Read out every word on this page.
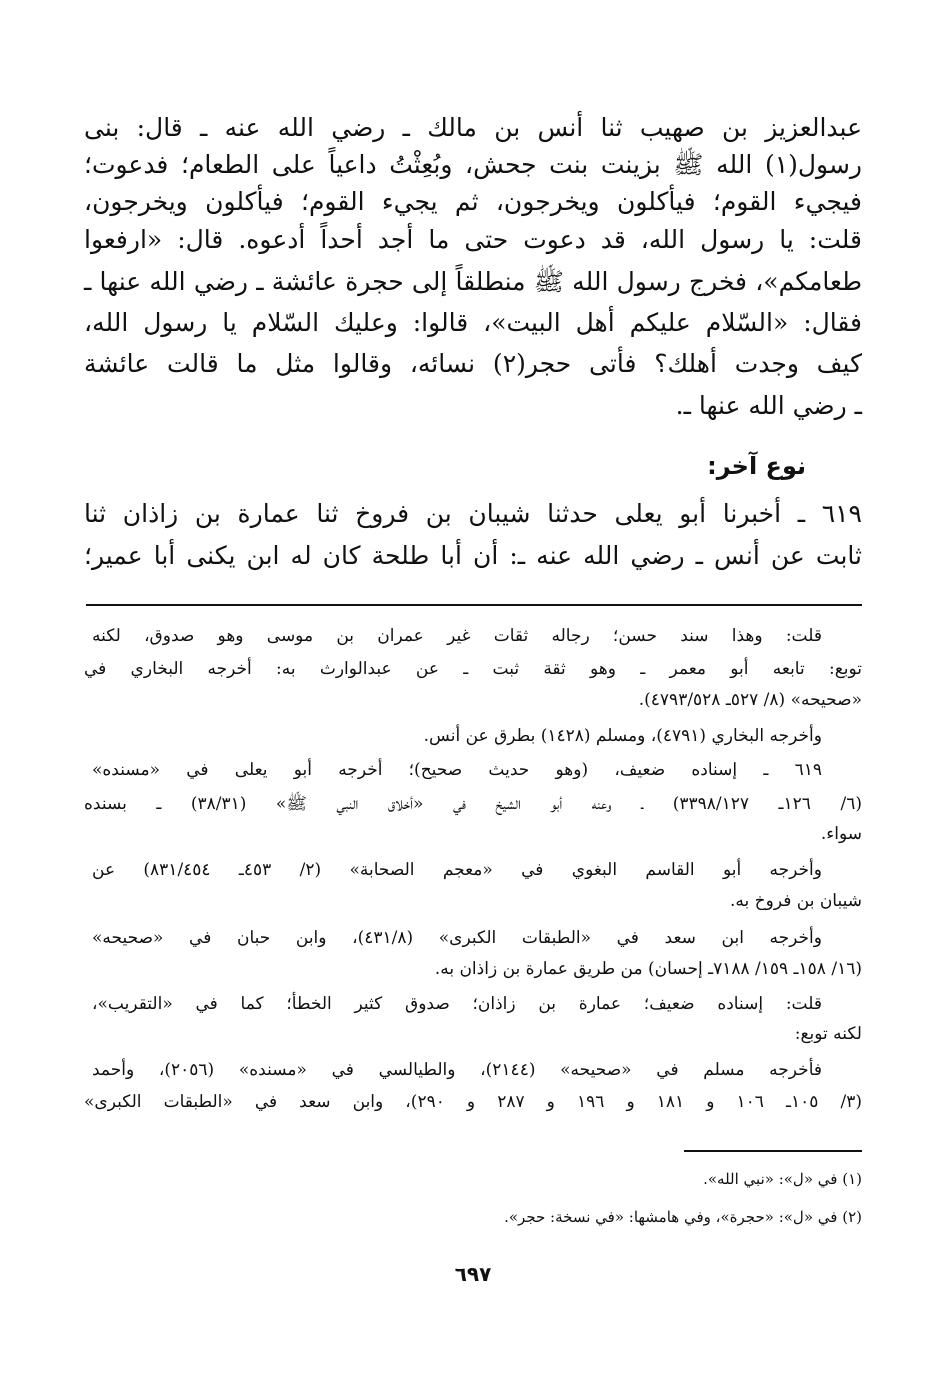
عبدالعزيز بن صهيب ثنا أنس بن مالك ـ رضي الله عنه ـ قال: بنى
رسول(١) الله ﷺ بزينت بنت جحش، وبُعِثْتُ داعياً على الطعام؛ فدعوت؛
فيجيء القوم؛ فيأكلون ويخرجون، ثم يجيء القوم؛ فيأكلون ويخرجون،
قلت: يا رسول الله، قد دعوت حتى ما أجد أحداً أدعوه. قال: «ارفعوا
طعامكم»، فخرج رسول الله ﷺ منطلقاً إلى حجرة عائشة ـ رضي الله عنها ـ
فقال: «السّلام عليكم أهل البيت»، قالوا: وعليك السّلام يا رسول الله،
كيف وجدت أهلك؟ فأتى حجر(٢) نسائه، وقالوا مثل ما قالت عائشة
ـ رضي الله عنها ـ.
نوع آخر:
٦١٩ ـ أخبرنا أبو يعلى حدثنا شيبان بن فروخ ثنا عمارة بن زاذان ثنا
ثابت عن أنس ـ رضي الله عنه ـ: أن أبا طلحة كان له ابن يكنى أبا عمير؛
قلت: وهذا سند حسن؛ رجاله ثقات غير عمران بن موسى وهو صدوق، لكنه
توبع: تابعه أبو معمر ـ وهو ثقة ثبت ـ عن عبدالوارث به: أخرجه البخاري في
«صحيحه» (٨/ ٥٢٧ـ ٤٧٩٣/٥٢٨).
وأخرجه البخاري (٤٧٩١)، ومسلم (١٤٢٨) بطرق عن أنس.
٦١٩ ـ إسناده ضعيف، (وهو حديث صحيح)؛ أخرجه أبو يعلى في «مسنده»
(٦/ ١٢٦ـ ٣٣٩٨/١٢٧) ـ وعنه أبو الشيخ في «أخلاق النبي ﷺ» (٣٨/٣١) ـ بسنده
سواء.
وأخرجه أبو القاسم البغوي في «معجم الصحابة» (٢/ ٤٥٣ـ ٨٣١/٤٥٤) عن
شيبان بن فروخ به.
وأخرجه ابن سعد في «الطبقات الكبرى» (٤٣١/٨)، وابن حبان في «صحيحه»
(١٦/ ١٥٨ـ ١٥٩/ ٧١٨٨ـ إحسان) من طريق عمارة بن زاذان به.
قلت: إسناده ضعيف؛ عمارة بن زاذان؛ صدوق كثير الخطأ؛ كما في «التقريب»،
لكنه توبع:
فأخرجه مسلم في «صحيحه» (٢١٤٤)، والطيالسي في «مسنده» (٢٠٥٦)، وأحمد
(٣/ ١٠٥ـ ١٠٦ و ١٨١ و ١٩٦ و ٢٨٧ و ٢٩٠)، وابن سعد في «الطبقات الكبرى»
(١) في «ل»: «نبي الله».
(٢) في «ل»: «حجرة»، وفي هامشها: «في نسخة: حجر».
٦٩٧
